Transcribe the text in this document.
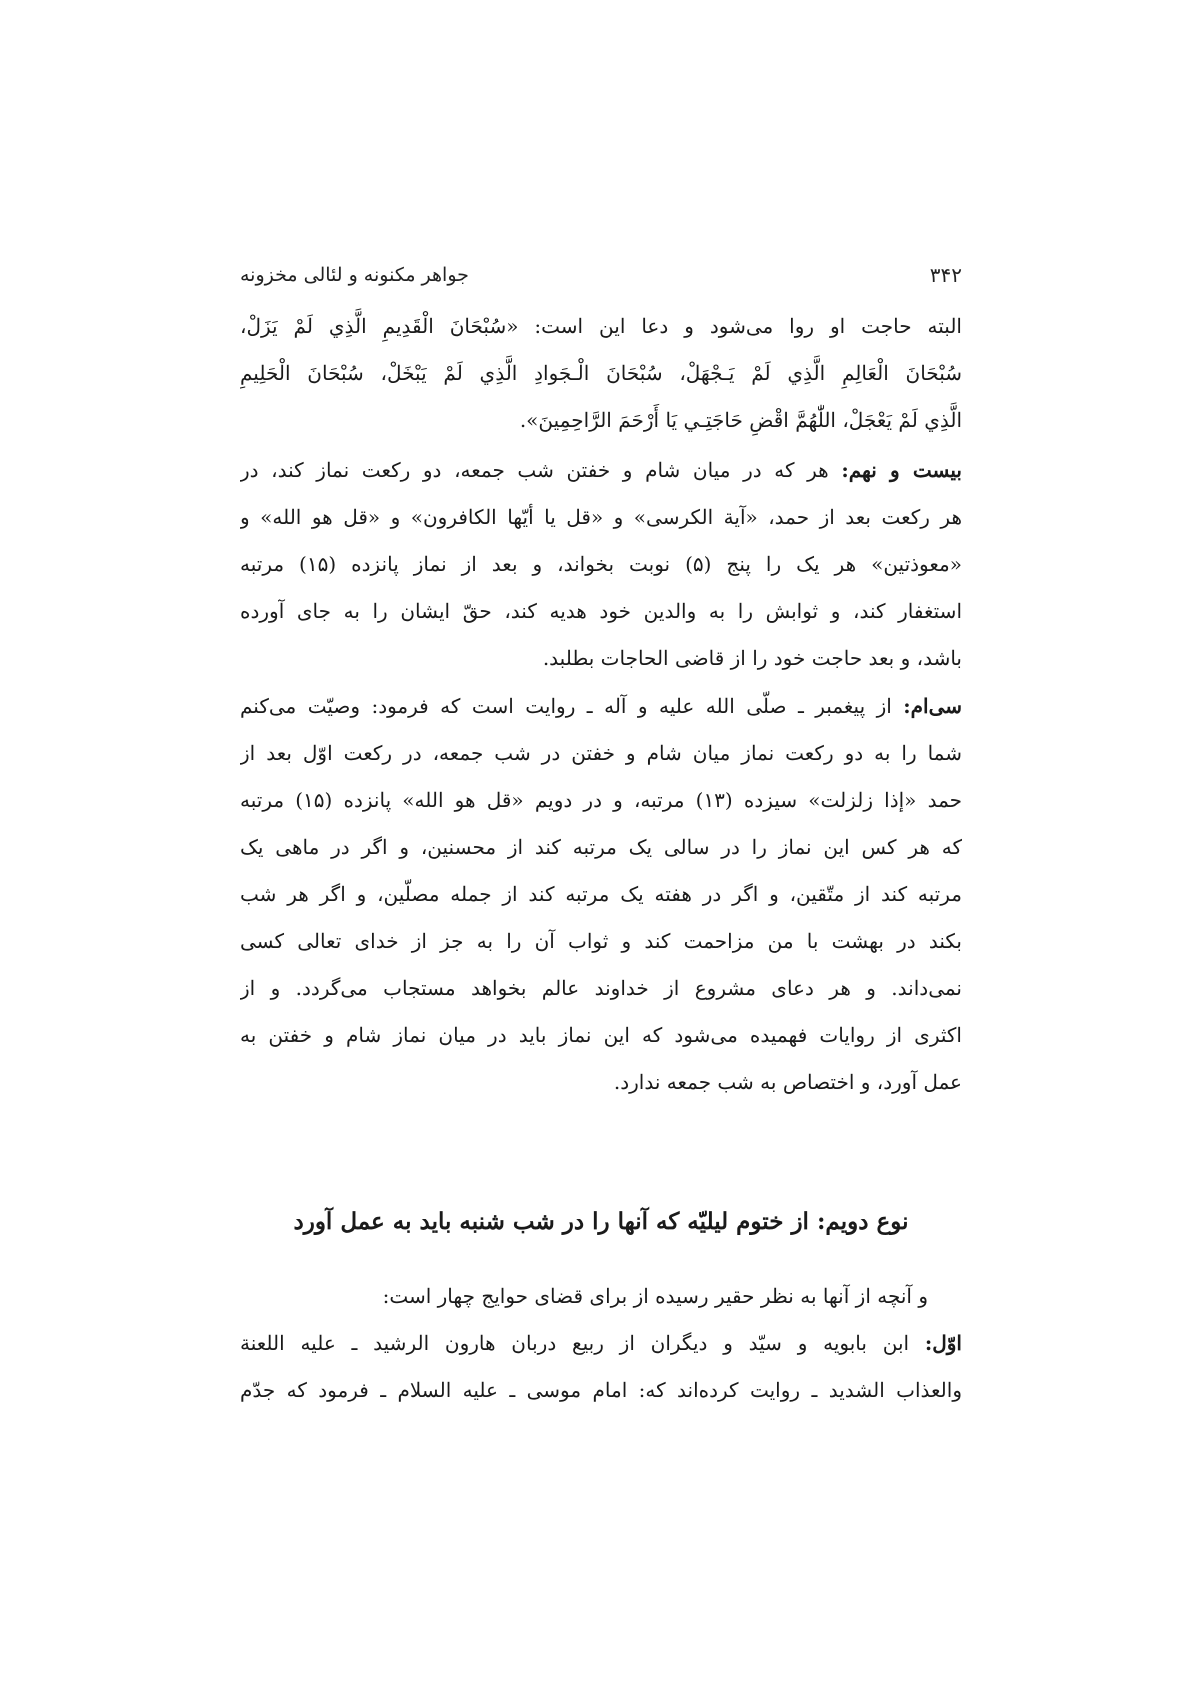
۳۴۲
جواهر مکنونه و لئالی مخزونه
البته حاجت او روا می‌شود و دعا این است: «سُبْحَانَ الْقَدِيمِ الَّذِي لَمْ يَزَلْ،
سُبْحَانَ الْعَالِمِ الَّذِي لَمْ يَـجْهَلْ، سُبْحَانَ الْـجَوادِ الَّذِي لَمْ يَبْخَلْ، سُبْحَانَ الْحَلِيمِ
الَّذِي لَمْ يَعْجَلْ، اللّٰهُمَّ اقْضِ حَاجَتِـي يَا أَرْحَمَ الرَّاحِمِينَ».
بیست و نهم: هر که در میان شام و خفتن شب جمعه، دو رکعت نماز کند، در
هر رکعت بعد از حمد، «آیة الکرسی» و «قل یا أیّها الکافرون» و «قل هو الله» و
«معوذتین» هر یک را پنج (۵) نوبت بخواند، و بعد از نماز پانزده (۱۵) مرتبه
استغفار کند، و ثوابش را به والدین خود هدیه کند، حقّ ایشان را به جای آورده
باشد، و بعد حاجت خود را از قاضی الحاجات بطلبد.
سی‌ام: از پیغمبر ـ صلّی الله علیه و آله ـ روایت است که فرمود: وصیّت می‌کنم
شما را به دو رکعت نماز میان شام و خفتن در شب جمعه، در رکعت اوّل بعد از
حمد «إذا زلزلت» سیزده (۱۳) مرتبه، و در دویم «قل هو الله» پانزده (۱۵) مرتبه
که هر کس این نماز را در سالی یک مرتبه کند از محسنین، و اگر در ماهی یک
مرتبه کند از متّقین، و اگر در هفته یک مرتبه کند از جمله مصلّین، و اگر هر شب
بکند در بهشت با من مزاحمت کند و ثواب آن را به جز از خدای تعالی کسی
نمی‌داند. و هر دعای مشروع از خداوند عالم بخواهد مستجاب می‌گردد. و از
اکثری از روایات فهمیده می‌شود که این نماز باید در میان نماز شام و خفتن به
عمل آورد، و اختصاص به شب جمعه ندارد.
نوع دویم: از ختوم لیلیّه که آنها را در شب شنبه باید به عمل آورد
و آنچه از آنها به نظر حقیر رسیده از برای قضای حوایج چهار است:
اوّل: ابن بابویه و سیّد و دیگران از ربیع دربان هارون الرشید ـ علیه اللعنة
والعذاب الشدید ـ روایت کرده‌اند که: امام موسی ـ علیه السلام ـ فرمود که جدّم
